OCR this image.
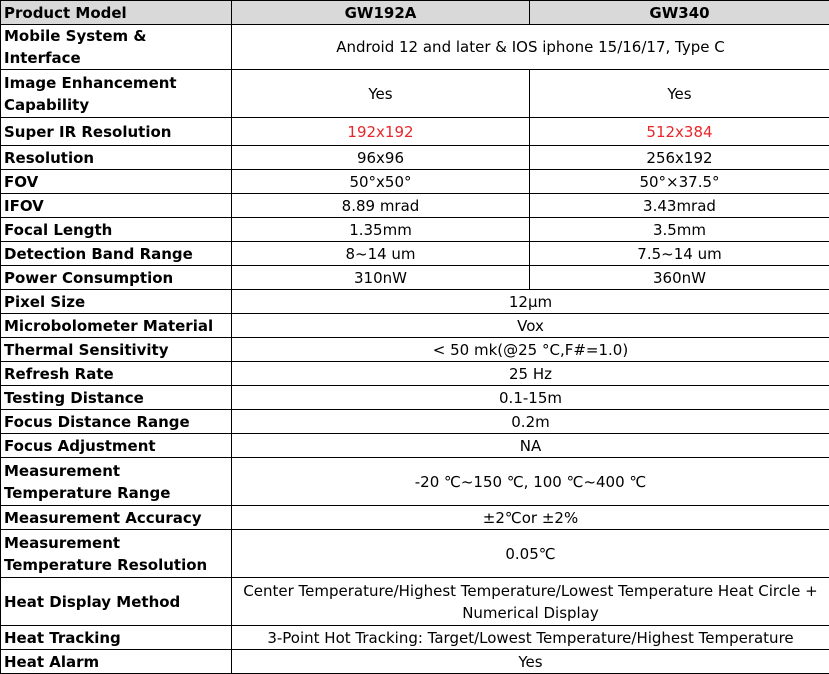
Product Model	GW192A	GW340
Mobile System & Interface	Android 12 and later & IOS iphone 15/16/17, Type C	
Image Enhancement Capability	Yes	Yes
Super IR Resolution	192x192	512x384
Resolution	96x96	256x192
FOV	50°x50°	50°×37.5°
IFOV	8.89 mrad	3.43mrad
Focal Length	1.35mm	3.5mm
Detection Band Range	8~14 um	7.5~14 um
Power Consumption	310nW	360nW
Pixel Size	12μm	
Microbolometer Material	Vox	
Thermal Sensitivity	< 50 mk(@25 °C,F#=1.0)	
Refresh Rate	25 Hz	
Testing Distance	0.1-15m	
Focus Distance Range	0.2m	
Focus Adjustment	NA	
Measurement Temperature Range	-20 ℃~150 ℃, 100 ℃~400 ℃	
Measurement Accuracy	±2℃or ±2%	
Measurement Temperature Resolution	0.05℃	
Heat Display Method	Center Temperature/Highest Temperature/Lowest Temperature Heat Circle + Numerical Display	
Heat Tracking	3-Point Hot Tracking: Target/Lowest Temperature/Highest Temperature	
Heat Alarm	Yes	
